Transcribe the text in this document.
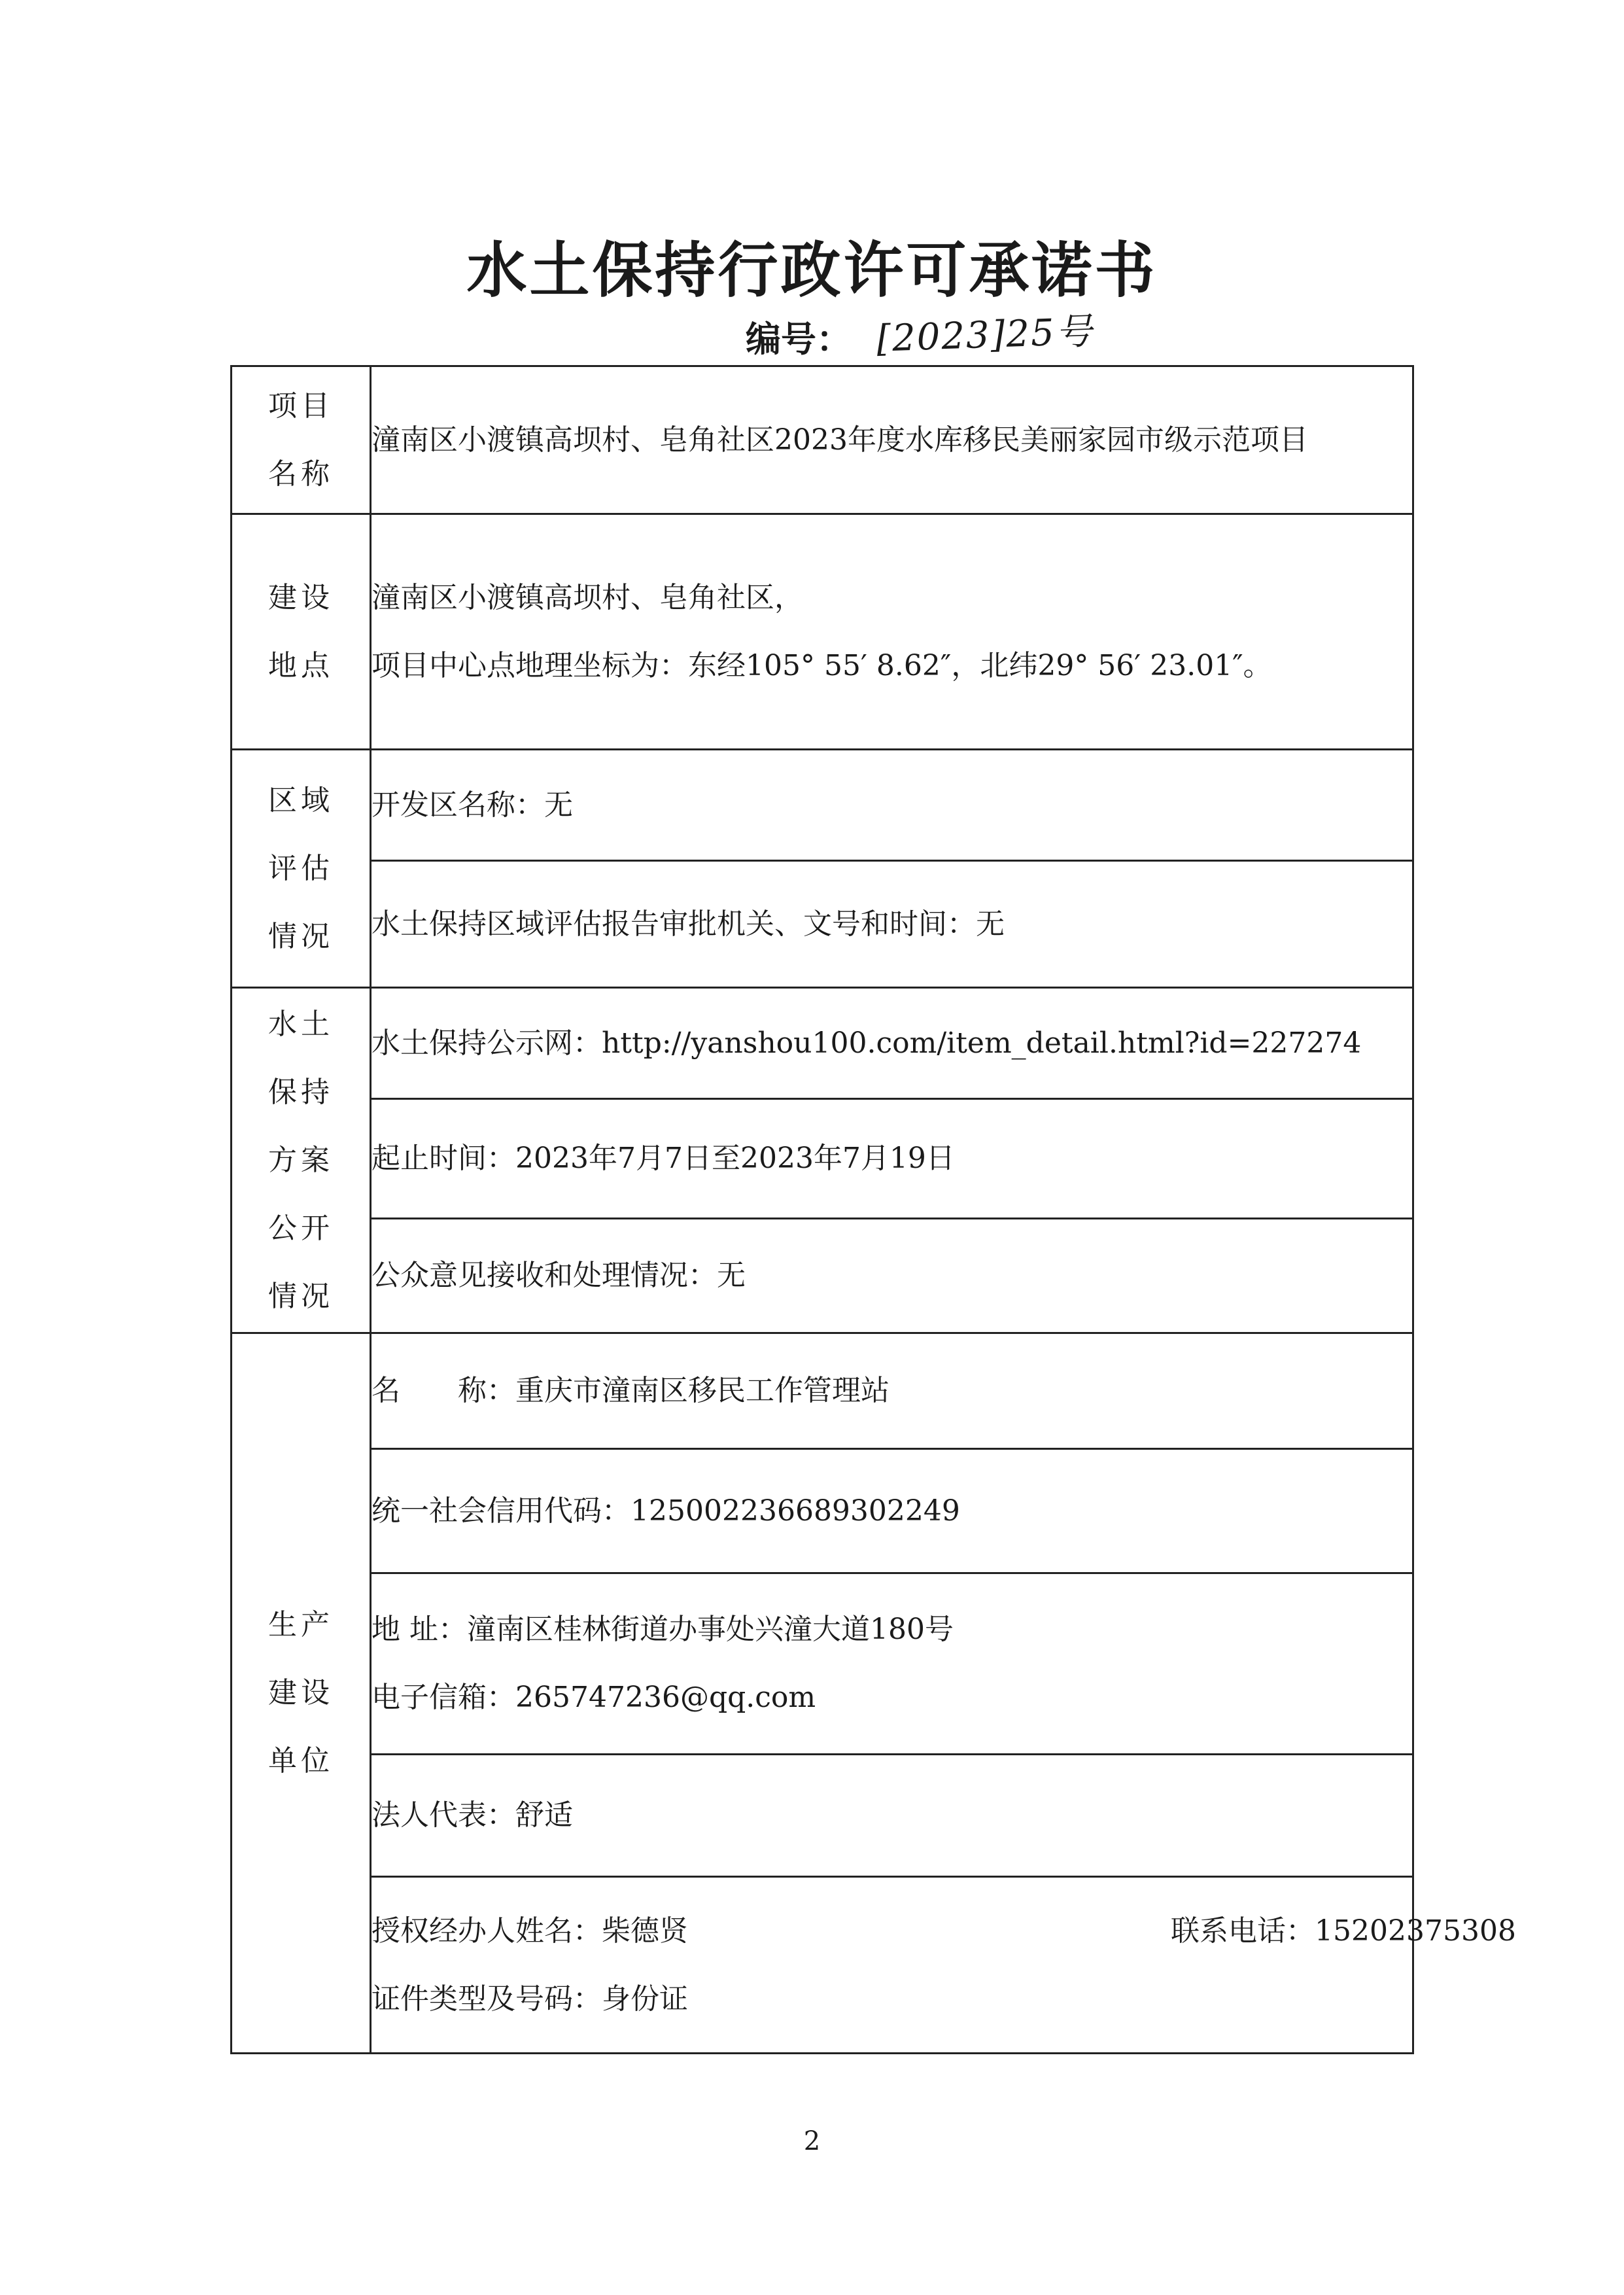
水土保持行政许可承诺书
编号： [2023]25号
项目名称	潼南区小渡镇高坝村、皂角社区2023年度水库移民美丽家园市级示范项目

建设地点	潼南区小渡镇高坝村、皂角社区，
项目中心点地理坐标为：东经105° 55′ 8.62″，北纬29° 56′ 23.01″。

区域评估情况	开发区名称：无
	水土保持区域评估报告审批机关、文号和时间：无

水土保持方案公开情况	水土保持公示网：http://yanshou100.com/item_detail.html?id=227274
	起止时间：2023年7月7日至2023年7月19日
	公众意见接收和处理情况：无

生产建设单位	名　　称：重庆市潼南区移民工作管理站
	统一社会信用代码：125002236689302249

	地 址：潼南区桂林街道办事处兴潼大道180号
电子信箱：265747236@qq.com

	法人代表：舒适

	授权经办人姓名：柴德贤 联系电话：15202375308
证件类型及号码：身份证
2
